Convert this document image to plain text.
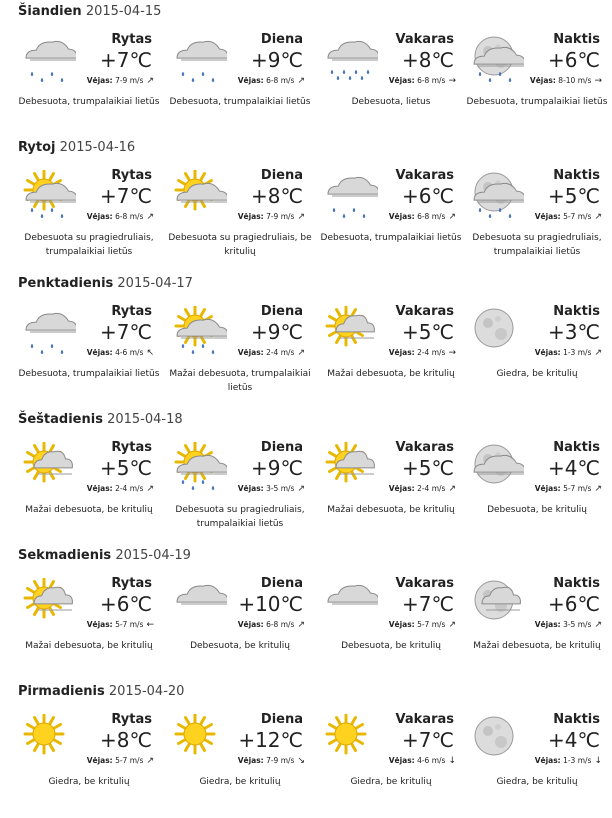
Šiandien 2015-04-15
Rytas
+7℃
Vėjas: 7-9 m/s ↗
Debesuota, trumpalaikiai lietūs
Diena
+9℃
Vėjas: 6-8 m/s ↗
Debesuota, trumpalaikiai lietūs
Vakaras
+8℃
Vėjas: 6-8 m/s →
Debesuota, lietus
Naktis
+6℃
Vėjas: 8-10 m/s →
Debesuota, trumpalaikiai lietūs
Rytoj 2015-04-16
Rytas
+7℃
Vėjas: 6-8 m/s ↗
Debesuota su pragiedruliais, trumpalaikiai lietūs
Diena
+8℃
Vėjas: 7-9 m/s ↗
Debesuota su pragiedruliais, be kritulių
Vakaras
+6℃
Vėjas: 6-8 m/s ↗
Debesuota, trumpalaikiai lietūs
Naktis
+5℃
Vėjas: 5-7 m/s ↗
Debesuota su pragiedruliais, trumpalaikiai lietūs
Penktadienis 2015-04-17
Rytas
+7℃
Vėjas: 4-6 m/s ↖
Debesuota, trumpalaikiai lietūs
Diena
+9℃
Vėjas: 2-4 m/s ↗
Mažai debesuota, trumpalaikiai lietūs
Vakaras
+5℃
Vėjas: 2-4 m/s →
Mažai debesuota, be kritulių
Naktis
+3℃
Vėjas: 1-3 m/s ↗
Giedra, be kritulių
Šeštadienis 2015-04-18
Rytas
+5℃
Vėjas: 2-4 m/s ↗
Mažai debesuota, be kritulių
Diena
+9℃
Vėjas: 3-5 m/s ↗
Debesuota su pragiedruliais, trumpalaikiai lietūs
Vakaras
+5℃
Vėjas: 2-4 m/s ↗
Mažai debesuota, be kritulių
Naktis
+4℃
Vėjas: 5-7 m/s ↗
Debesuota, be kritulių
Sekmadienis 2015-04-19
Rytas
+6℃
Vėjas: 5-7 m/s ←
Mažai debesuota, be kritulių
Diena
+10℃
Vėjas: 6-8 m/s ↗
Debesuota, be kritulių
Vakaras
+7℃
Vėjas: 5-7 m/s ↗
Debesuota, be kritulių
Naktis
+6℃
Vėjas: 3-5 m/s ↗
Mažai debesuota, be kritulių
Pirmadienis 2015-04-20
Rytas
+8℃
Vėjas: 5-7 m/s ↗
Giedra, be kritulių
Diena
+12℃
Vėjas: 7-9 m/s ↘
Giedra, be kritulių
Vakaras
+7℃
Vėjas: 4-6 m/s ↓
Giedra, be kritulių
Naktis
+4℃
Vėjas: 1-3 m/s ↓
Giedra, be kritulių
